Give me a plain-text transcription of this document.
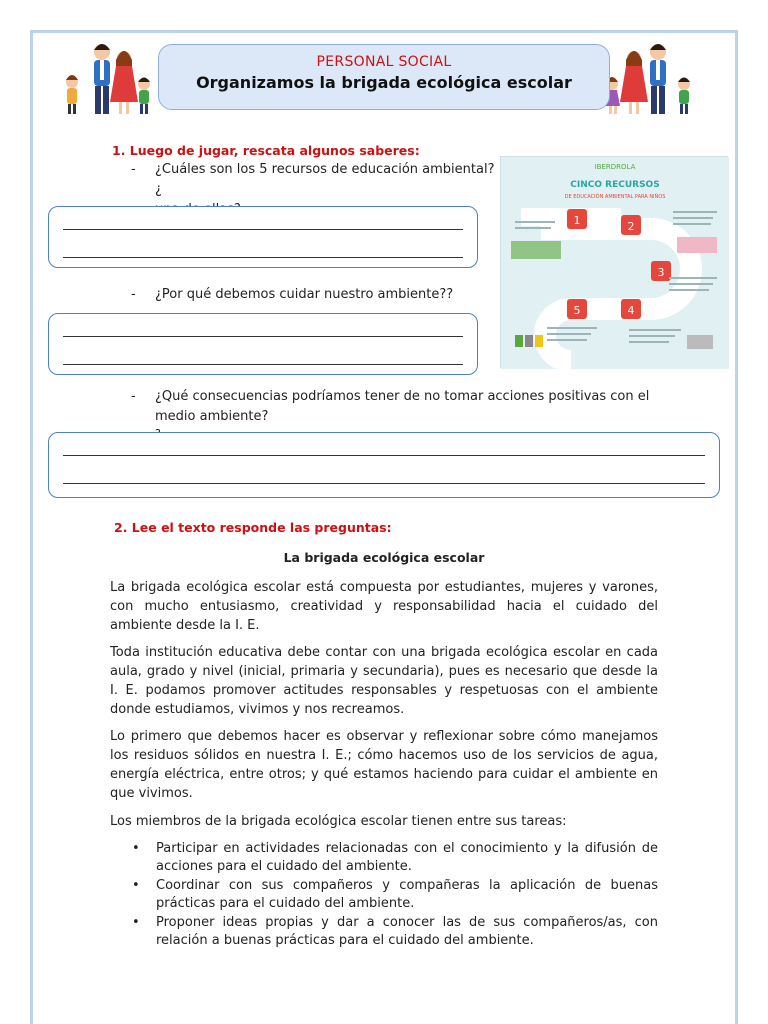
PERSONAL SOCIAL
Organizamos la brigada ecológica escolar
1. Luego de jugar, rescata algunos saberes:
- ¿Cuáles son los 5 recursos de educación ambiental? ¿
- ¿Por qué debemos cuidar nuestro ambiente??
- ¿Qué consecuencias podríamos tener de no tomar acciones positivas con el
medio ambiente?
1	2
3
4
5
IBERDROLA
CINCO RECURSOS
DE EDUCACIÓN AMBIENTAL PARA NIÑOS
2. Lee el texto responde las preguntas:
La brigada ecológica escolar

La brigada ecológica escolar está compuesta por estudiantes, mujeres y varones, con mucho entusiasmo, creatividad y responsabilidad hacia el cuidado del ambiente desde la I. E.

Toda institución educativa debe contar con una brigada ecológica escolar en cada aula, grado y nivel (inicial, primaria y secundaria), pues es necesario que desde la I. E. podamos promover actitudes responsables y respetuosas con el ambiente donde estudiamos, vivimos y nos recreamos.

Lo primero que debemos hacer es observar y reflexionar sobre cómo manejamos los residuos sólidos en nuestra I. E.; cómo hacemos uso de los servicios de agua, energía eléctrica, entre otros; y qué estamos haciendo para cuidar el ambiente en que vivimos.

Los miembros de la brigada ecológica escolar tienen entre sus tareas:

• Participar en actividades relacionadas con el conocimiento y la difusión de acciones para el cuidado del ambiente.
• Coordinar con sus compañeros y compañeras la aplicación de buenas prácticas para el cuidado del ambiente.
• Proponer ideas propias y dar a conocer las de sus compañeros/as, con relación a buenas prácticas para el cuidado del ambiente.
